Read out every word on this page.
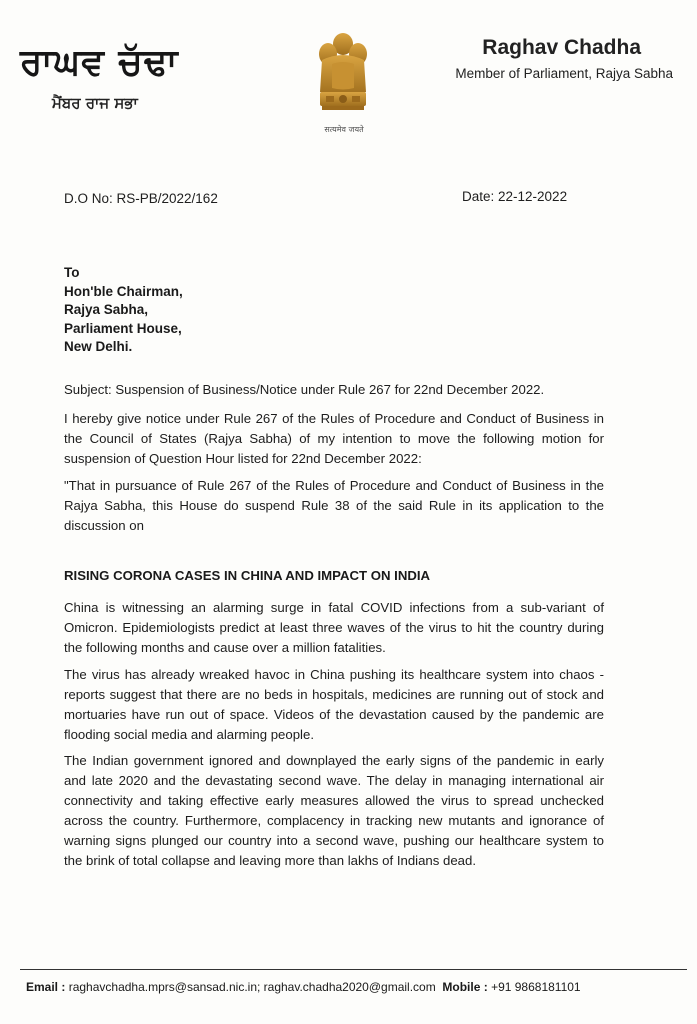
ਰਾਘਵ ਚੱਢਾ
ਮੈਂਬਰ ਰਾਜ ਸਭਾ
सत्यमेव जयते
Raghav Chadha
Member of Parliament, Rajya Sabha
D.O No: RS-PB/2022/162	Date: 22-12-2022
To
Hon'ble Chairman,
Rajya Sabha,
Parliament House,
New Delhi.
Subject: Suspension of Business/Notice under Rule 267 for 22nd December 2022.
I hereby give notice under Rule 267 of the Rules of Procedure and Conduct of Business in the Council of States (Rajya Sabha) of my intention to move the following motion for suspension of Question Hour listed for 22nd December 2022:
"That in pursuance of Rule 267 of the Rules of Procedure and Conduct of Business in the Rajya Sabha, this House do suspend Rule 38 of the said Rule in its application to the discussion on
RISING CORONA CASES IN CHINA AND IMPACT ON INDIA
China is witnessing an alarming surge in fatal COVID infections from a sub-variant of Omicron. Epidemiologists predict at least three waves of the virus to hit the country during the following months and cause over a million fatalities.
The virus has already wreaked havoc in China pushing its healthcare system into chaos - reports suggest that there are no beds in hospitals, medicines are running out of stock and mortuaries have run out of space. Videos of the devastation caused by the pandemic are flooding social media and alarming people.
The Indian government ignored and downplayed the early signs of the pandemic in early and late 2020 and the devastating second wave. The delay in managing international air connectivity and taking effective early measures allowed the virus to spread unchecked across the country. Furthermore, complacency in tracking new mutants and ignorance of warning signs plunged our country into a second wave, pushing our healthcare system to the brink of total collapse and leaving more than lakhs of Indians dead.
Email : raghavchadha.mprs@sansad.nic.in; raghav.chadha2020@gmail.com Mobile : +91 9868181101
